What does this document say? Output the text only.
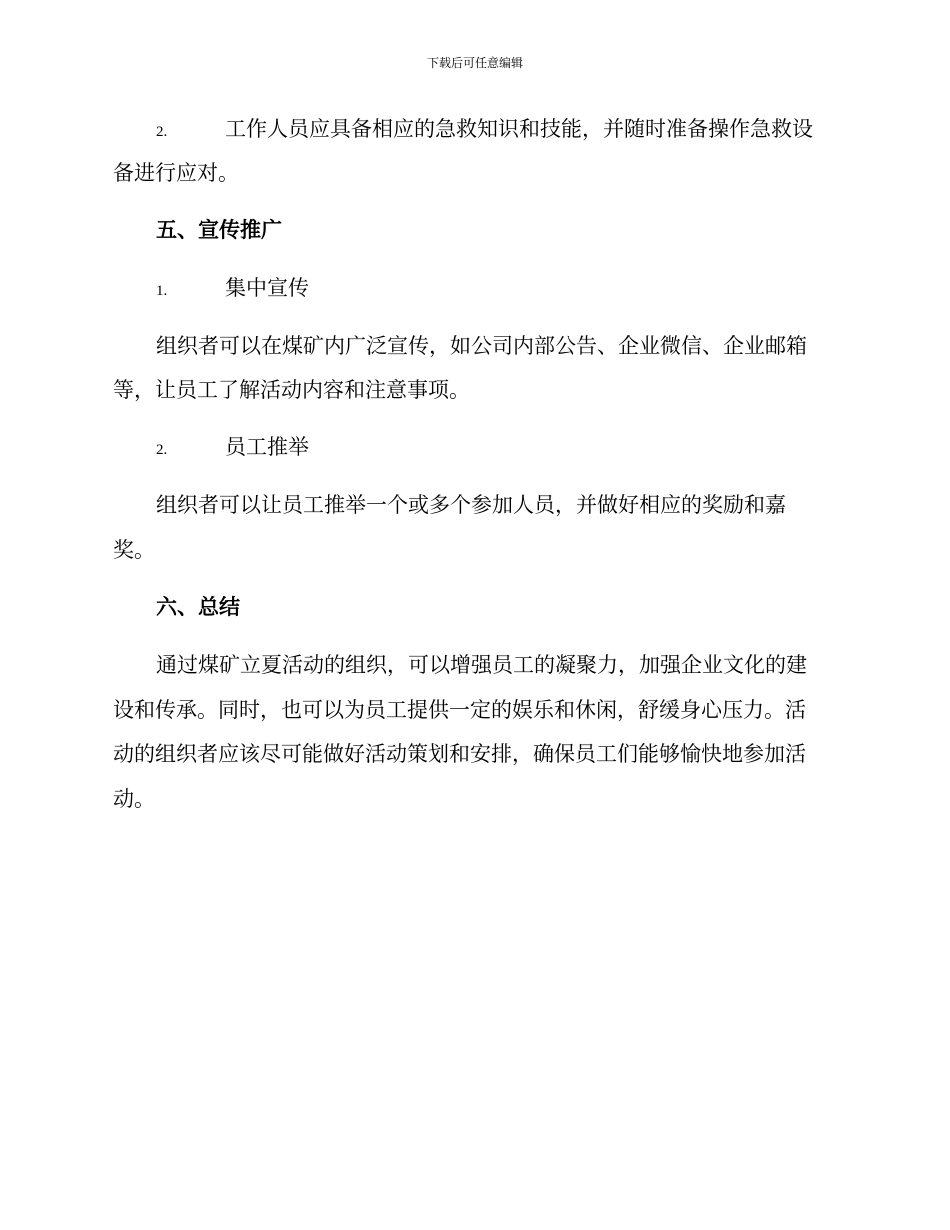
下载后可任意编辑
2.	工作人员应具备相应的急救知识和技能，并随时准备操作急救设
备进行应对。
五、宣传推广
1.	集中宣传
组织者可以在煤矿内广泛宣传，如公司内部公告、企业微信、企业邮箱
等，让员工了解活动内容和注意事项。
2.	员工推举
组织者可以让员工推举一个或多个参加人员，并做好相应的奖励和嘉
奖。
六、总结
通过煤矿立夏活动的组织，可以增强员工的凝聚力，加强企业文化的建
设和传承。同时，也可以为员工提供一定的娱乐和休闲，舒缓身心压力。活
动的组织者应该尽可能做好活动策划和安排，确保员工们能够愉快地参加活
动。
